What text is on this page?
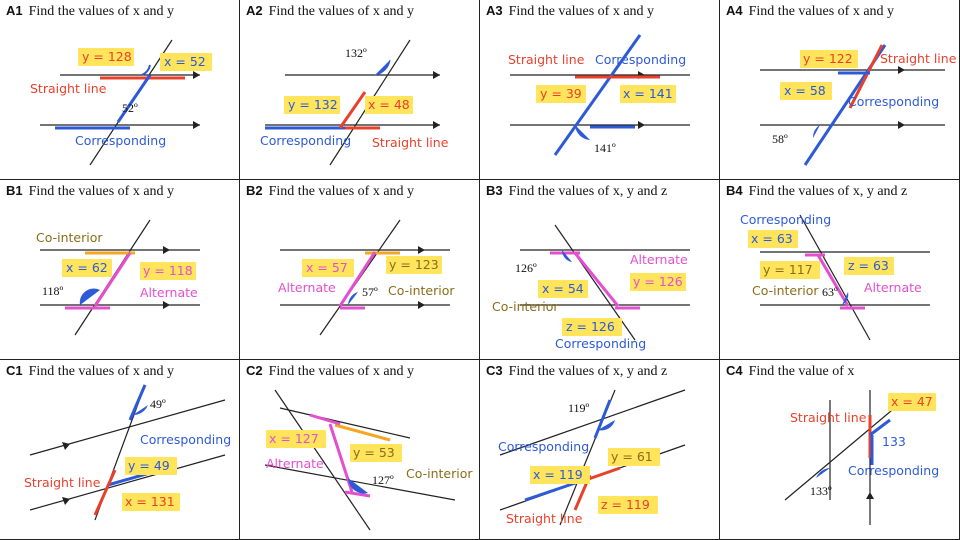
A1 Find the values of x and y
y = 128	x = 52
Straight line
Corresponding
52º
A2 Find the values of x and y
y = 132 x = 48
Corresponding Straight line
132º
A3 Find the values of x and y
Straight line Corresponding
y = 39	x = 141
141º
A4 Find the values of x and y
y = 122 Straight line
x = 58
Corresponding
58º
B1 Find the values of x and y
Co-interior
x = 62	y = 118
Alternate
118º
B2 Find the values of x and y
x = 57	y = 123
Alternate	Co-interior
57º
B3 Find the values of x, y and z
Alternate
126º
y = 126
x = 54
Co-interior
z = 126
Corresponding
B4 Find the values of x, y and z
Corresponding
x = 63
y = 117	z = 63
Co-interior 63º Alternate
C1 Find the values of x and y
49º
Corresponding
y = 49
Straight line
x = 131
C2 Find the values of x and y
x = 127
Alternate
y = 53
Co-interior
127º
C3 Find the values of x, y and z
119º
Corresponding
y = 61
x = 119
z = 119
Straight line
C4 Find the value of x
x = 47
Straight line
133
Corresponding
133º
